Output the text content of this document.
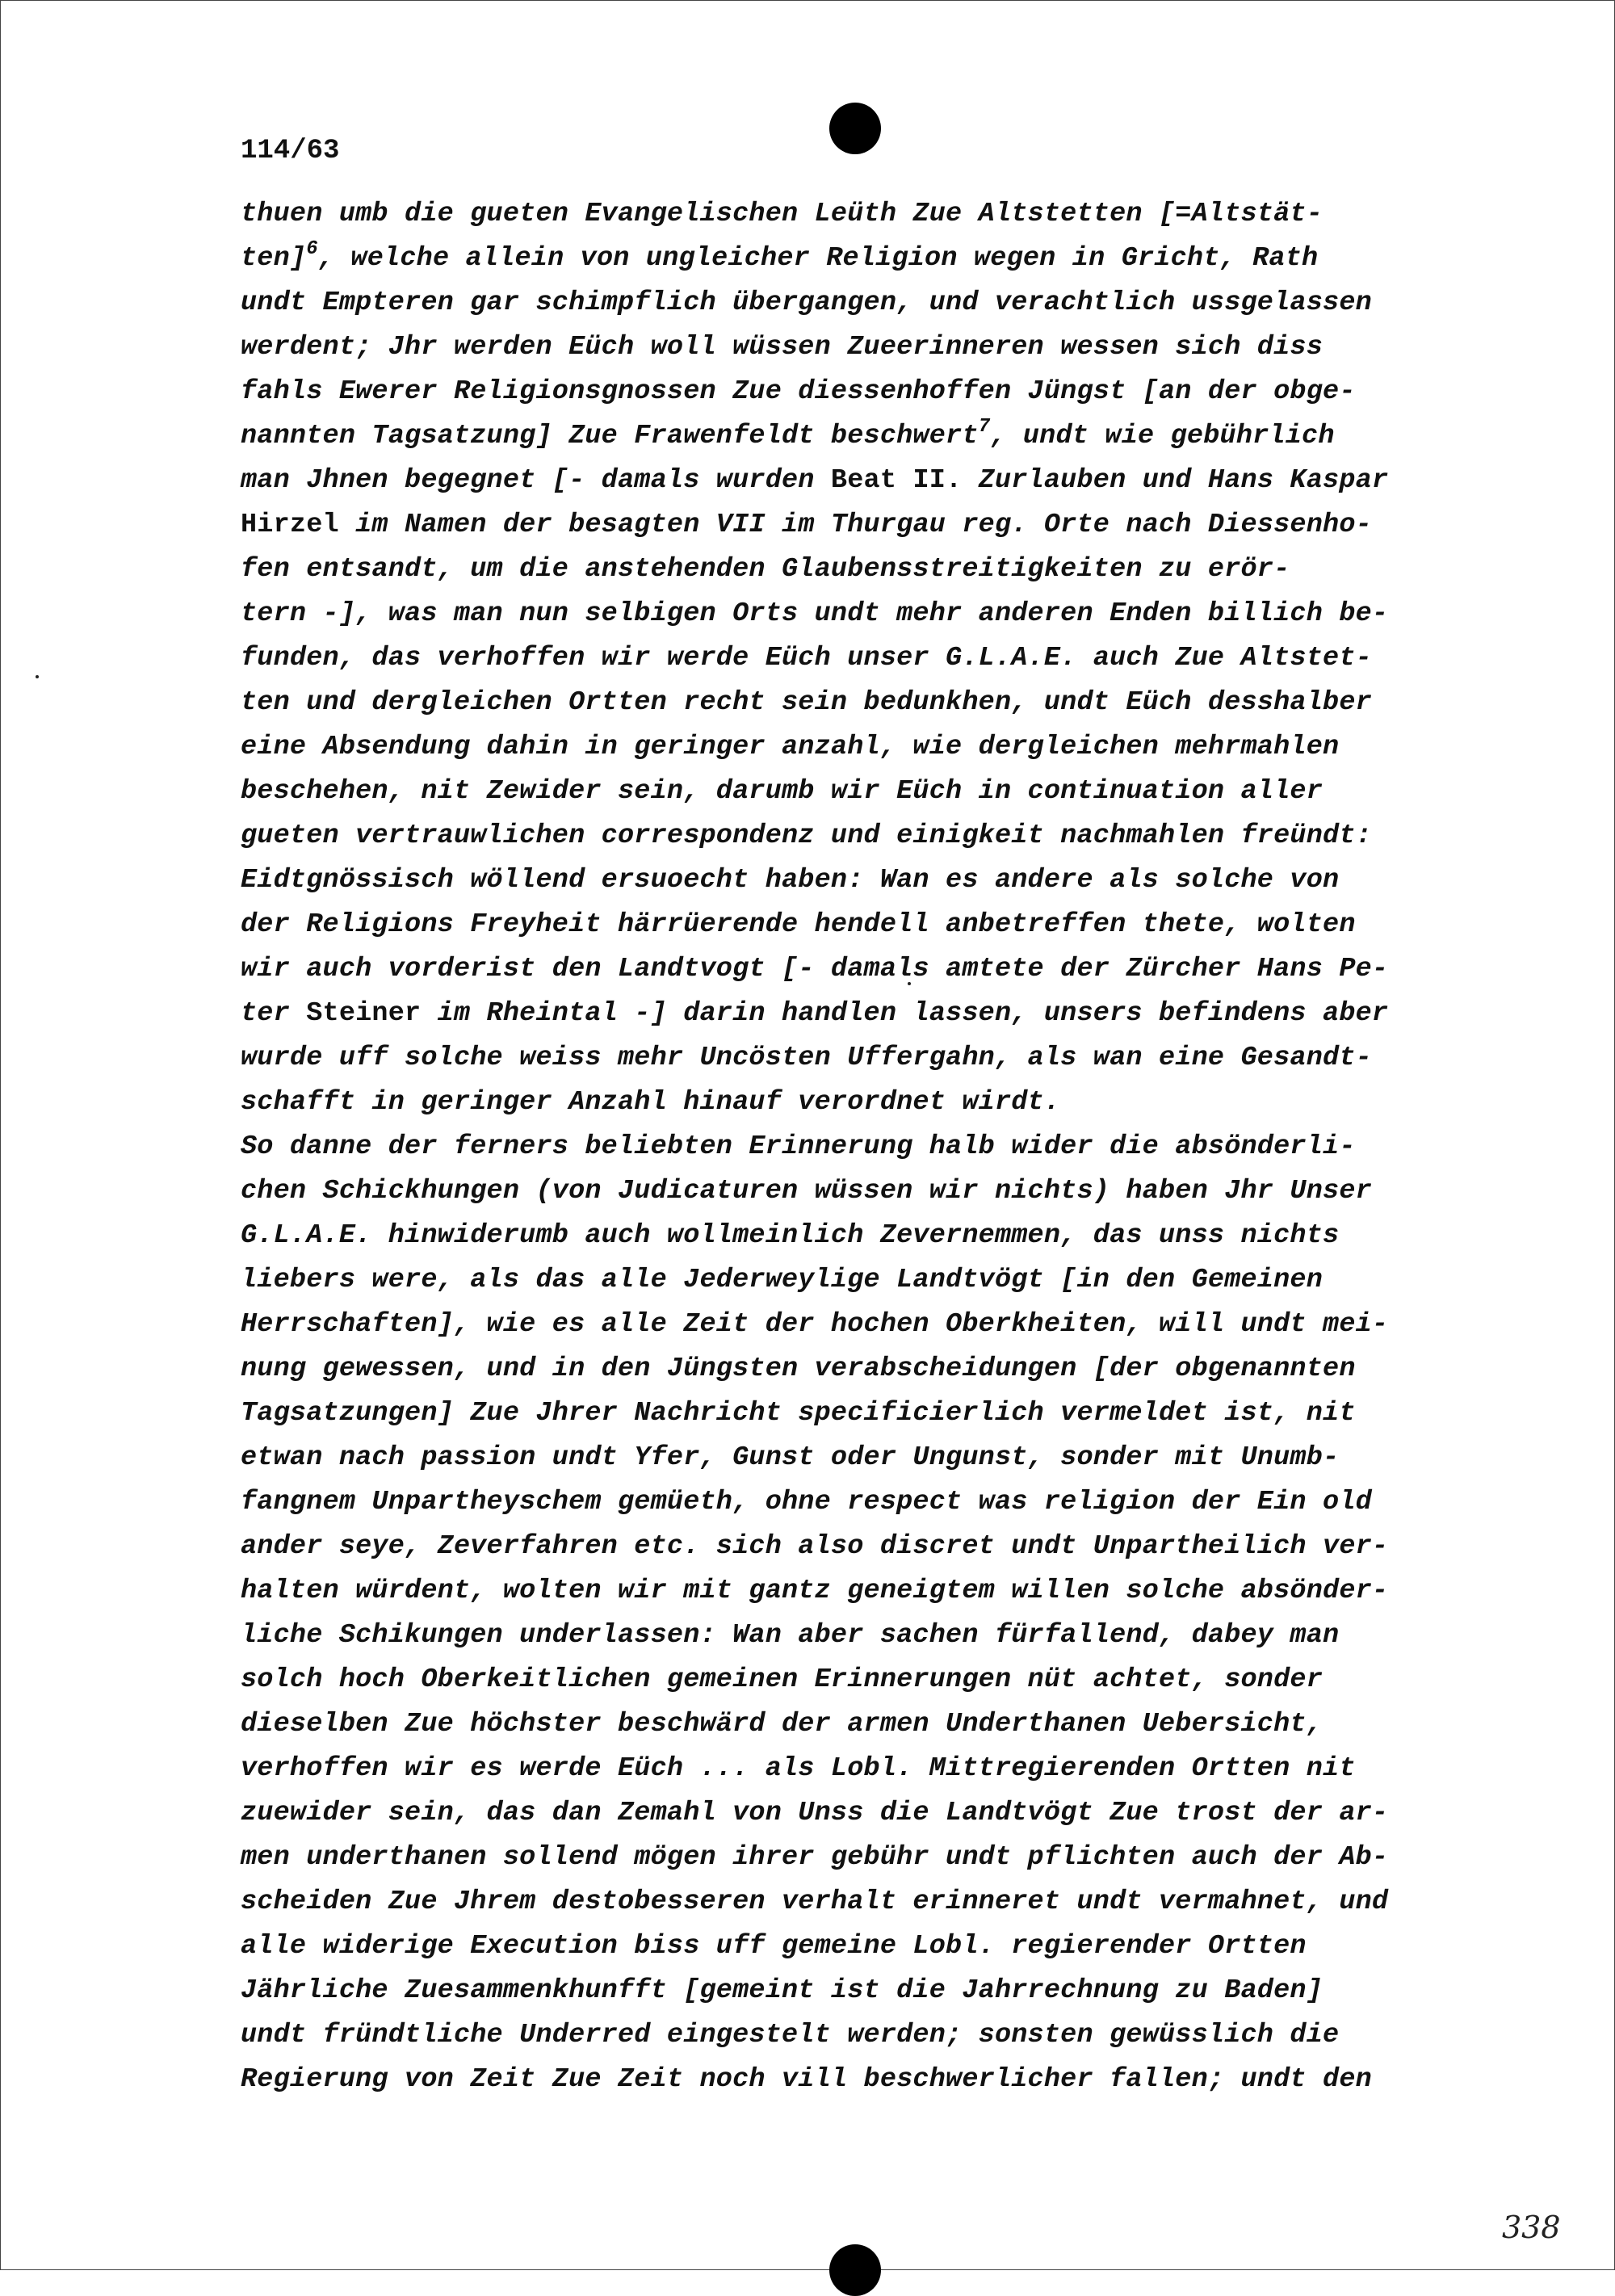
114/63
thuen umb die gueten Evangelischen Leüth Zue Altstetten [=Altstät-
ten]$^6$, welche allein von ungleicher Religion wegen in Gricht, Rath
undt Empteren gar schimpflich übergangen, und verachtlich ussgelassen
werdent; Jhr werden Eüch woll wüssen Zueerinneren wessen sich diss
fahls Ewerer Religionsgnossen Zue diessenhoffen Jüngst [an der obge-
nannten Tagsatzung] Zue Frawenfeldt beschwert$^7$, undt wie gebührlich
man Jhnen begegnet [- damals wurden Beat II. Zurlauben und Hans Kaspar
Hirzel im Namen der besagten VII im Thurgau reg. Orte nach Diessenho-
fen entsandt, um die anstehenden Glaubensstreitigkeiten zu erör-
tern -], was man nun selbigen Orts undt mehr anderen Enden billich be-
funden, das verhoffen wir werde Eüch unser G.L.A.E. auch Zue Altstet-
ten und dergleichen Ortten recht sein bedunkhen, undt Eüch desshalber
eine Absendung dahin in geringer anzahl, wie dergleichen mehrmahlen
beschehen, nit Zewider sein, darumb wir Eüch in continuation aller
gueten vertrauwlichen correspondenz und einigkeit nachmahlen freündt:
Eidtgnössisch wöllend ersuoecht haben: Wan es andere als solche von
der Religions Freyheit härrüerende hendell anbetreffen thete, wolten
wir auch vorderist den Landtvogt [- damals amtete der Zürcher Hans Pe-
ter Steiner im Rheintal -] darin handlen lassen, unsers befindens aber
wurde uff solche weiss mehr Uncösten Uffergahn, als wan eine Gesandt-
schafft in geringer Anzahl hinauf verordnet wirdt.
So danne der ferners beliebten Erinnerung halb wider die absönderli-
chen Schickhungen (von Judicaturen wüssen wir nichts) haben Jhr Unser
G.L.A.E. hinwiderumb auch wollmeinlich Zevernemmen, das unss nichts
liebers were, als das alle Jederweylige Landtvögt [in den Gemeinen
Herrschaften], wie es alle Zeit der hochen Oberkheiten, will undt mei-
nung gewessen, und in den Jüngsten verabscheidungen [der obgenannten
Tagsatzungen] Zue Jhrer Nachricht specificierlich vermeldet ist, nit
etwan nach passion undt Yfer, Gunst oder Ungunst, sonder mit Unumb-
fangnem Unpartheyschem gemüeth, ohne respect was religion der Ein old
ander seye, Zeverfahren etc. sich also discret undt Unpartheilich ver-
halten würdent, wolten wir mit gantz geneigtem willen solche absönder-
liche Schikungen underlassen: Wan aber sachen fürfallend, dabey man
solch hoch Oberkeitlichen gemeinen Erinnerungen nüt achtet, sonder
dieselben Zue höchster beschwärd der armen Underthanen Uebersicht,
verhoffen wir es werde Eüch ... als Lobl. Mittregierenden Ortten nit
zuewider sein, das dan Zemahl von Unss die Landtvögt Zue trost der ar-
men underthanen sollend mögen ihrer gebühr undt pflichten auch der Ab-
scheiden Zue Jhrem destobesseren verhalt erinneret undt vermahnet, und
alle widerige Execution biss uff gemeine Lobl. regierender Ortten
Jährliche Zuesammenkhunfft [gemeint ist die Jahrrechnung zu Baden]
undt fründtliche Underred eingestelt werden; sonsten gewüsslich die
Regierung von Zeit Zue Zeit noch vill beschwerlicher fallen; undt den
338
